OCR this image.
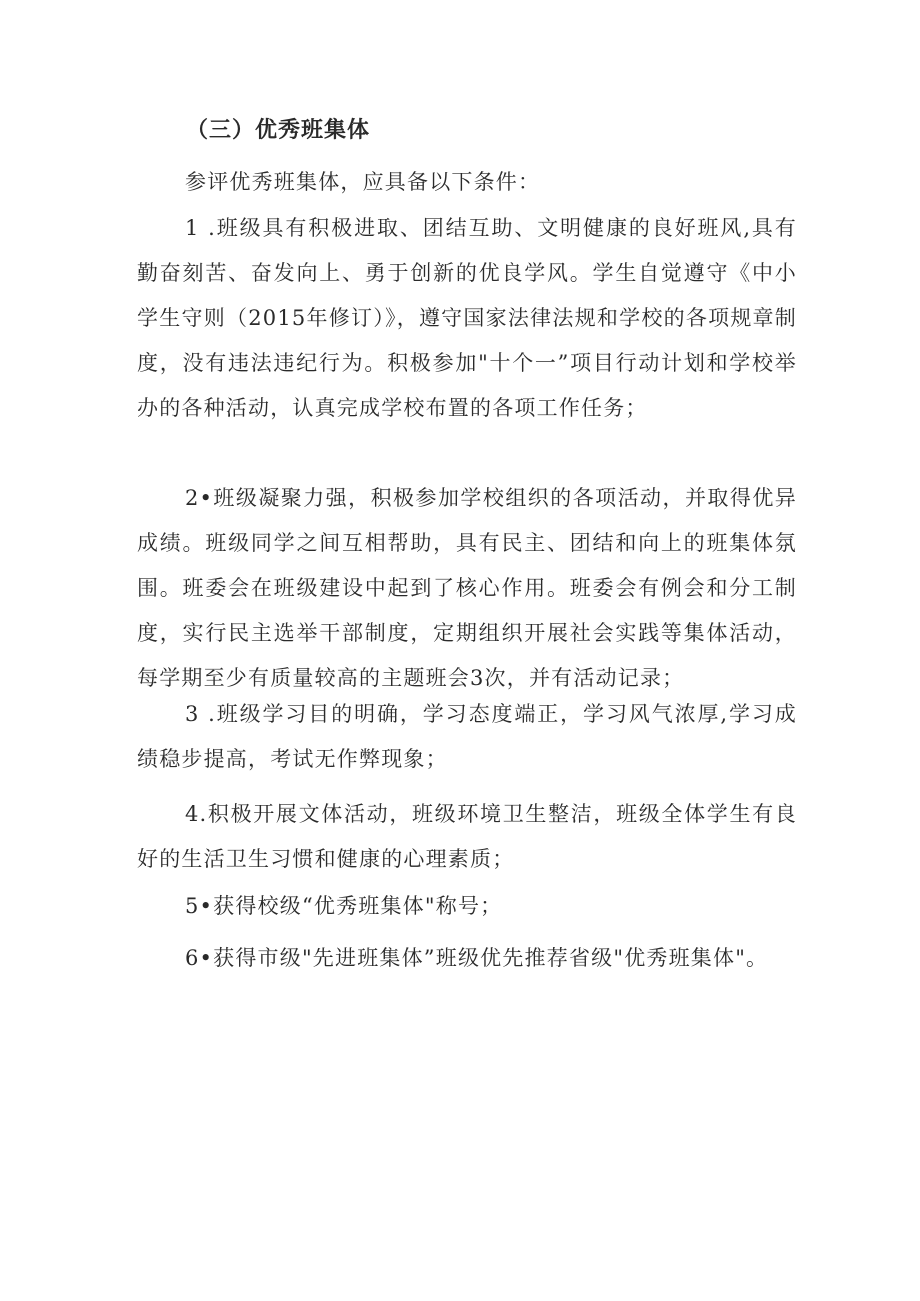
（三）优秀班集体

参评优秀班集体，应具备以下条件：

1 .班级具有积极进取、团结互助、文明健康的良好班风,具有勤奋刻苦、奋发向上、勇于创新的优良学风。学生自觉遵守《中小学生守则（2015年修订）》，遵守国家法律法规和学校的各项规章制度，没有违法违纪行为。积极参加"十个一”项目行动计划和学校举办的各种活动，认真完成学校布置的各项工作任务；

2•班级凝聚力强，积极参加学校组织的各项活动，并取得优异成绩。班级同学之间互相帮助，具有民主、团结和向上的班集体氛围。班委会在班级建设中起到了核心作用。班委会有例会和分工制度，实行民主选举干部制度，定期组织开展社会实践等集体活动，每学期至少有质量较高的主题班会3次，并有活动记录；

3 .班级学习目的明确，学习态度端正，学习风气浓厚,学习成绩稳步提高，考试无作弊现象；

4.积极开展文体活动，班级环境卫生整洁，班级全体学生有良好的生活卫生习惯和健康的心理素质；

5•获得校级“优秀班集体"称号；

6•获得市级"先进班集体”班级优先推荐省级"优秀班集体"。
